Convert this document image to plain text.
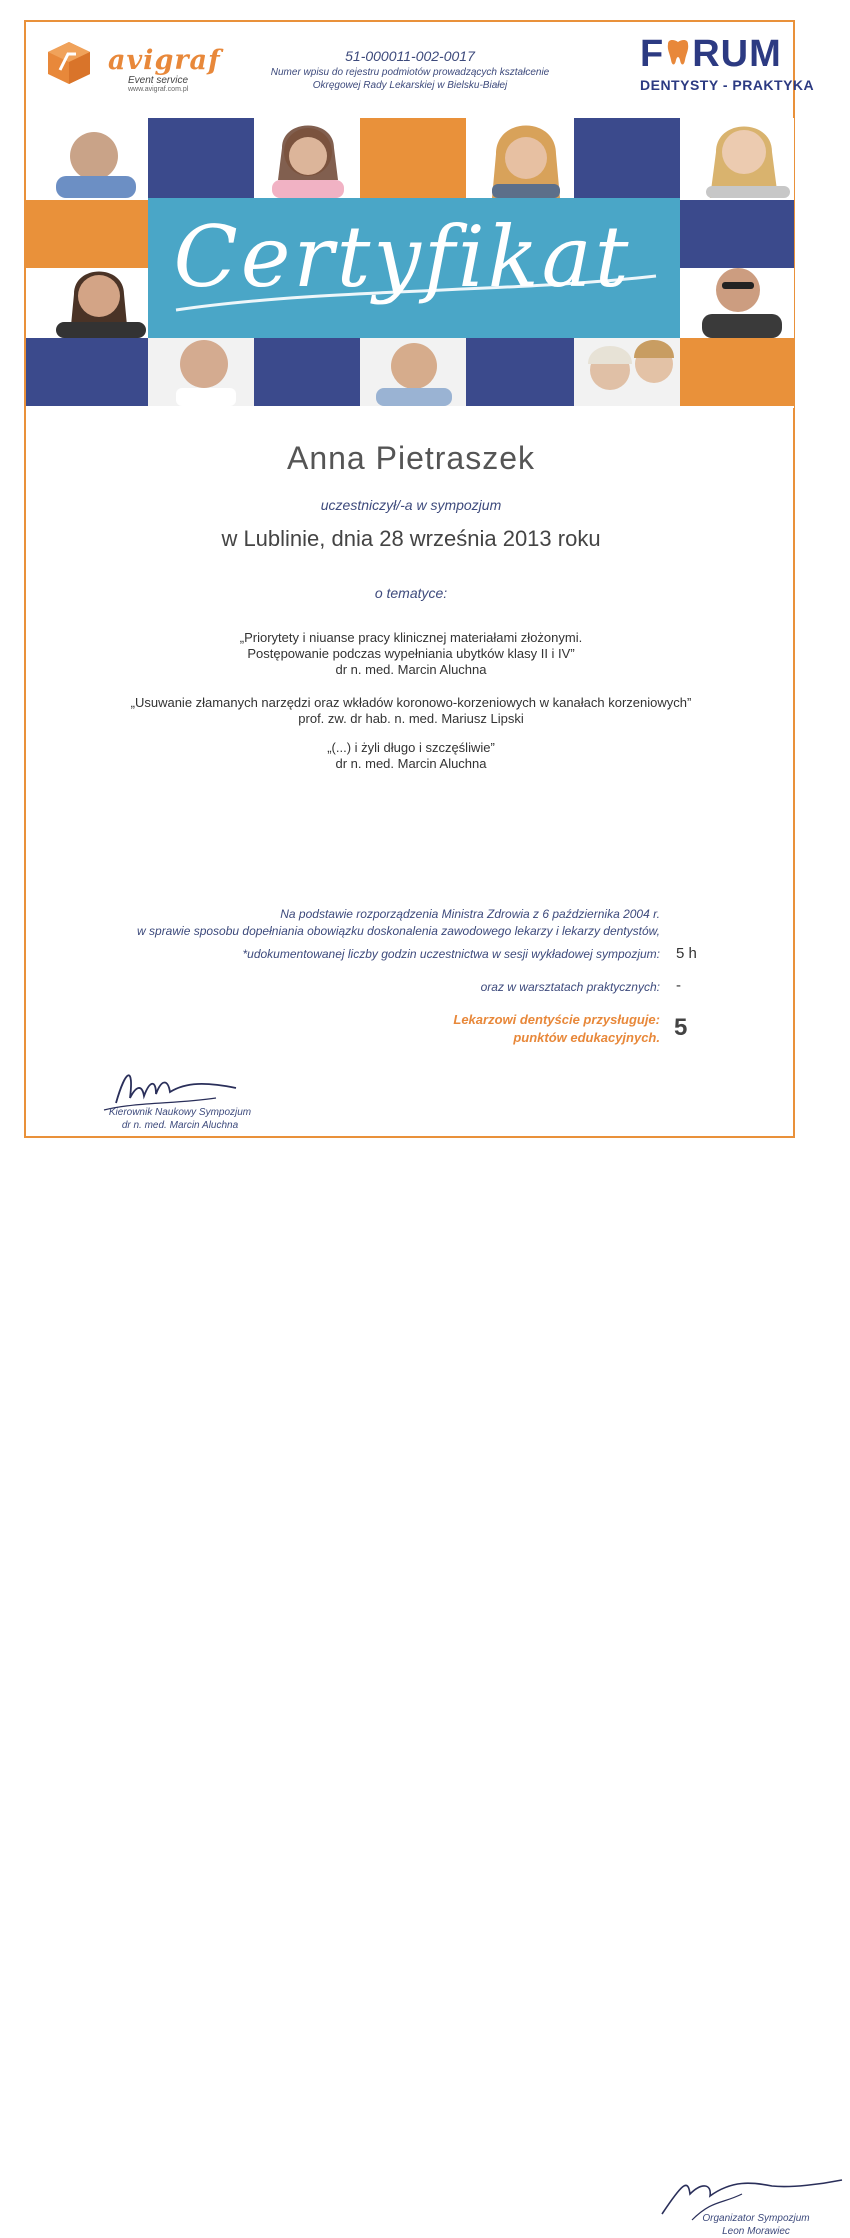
avigraf
Event service
www.avigraf.com.pl
51-000011-002-0017
Numer wpisu do rejestru podmiotów prowadzących kształcenie
Okręgowej Rady Lekarskiej w Bielsku-Białej
F RUM
DENTYSTY - PRAKTYKA
Certyfikat
Anna Pietraszek
uczestniczył/-a w sympozjum
w Lublinie, dnia 28 września 2013 roku
o tematyce:
„Priorytety i niuanse pracy klinicznej materiałami złożonymi.
Postępowanie podczas wypełniania ubytków klasy II i IV”
dr n. med. Marcin Aluchna
„Usuwanie złamanych narzędzi oraz wkładów koronowo-korzeniowych w kanałach korzeniowych”
prof. zw. dr hab. n. med. Mariusz Lipski
„(...) i żyli długo i szczęśliwie”
dr n. med. Marcin Aluchna
Na podstawie rozporządzenia Ministra Zdrowia z 6 października 2004 r.
w sprawie sposobu dopełniania obowiązku doskonalenia zawodowego lekarzy i lekarzy dentystów,
*udokumentowanej liczby godzin uczestnictwa w sesji wykładowej sympozjum: 5 h
oraz w warsztatach praktycznych: -
Lekarzowi dentyście przysługuje:
punktów edukacyjnych. 5
Kierownik Naukowy Sympozjum
dr n. med. Marcin Aluchna
Organizator Sympozjum
Leon Morawiec
